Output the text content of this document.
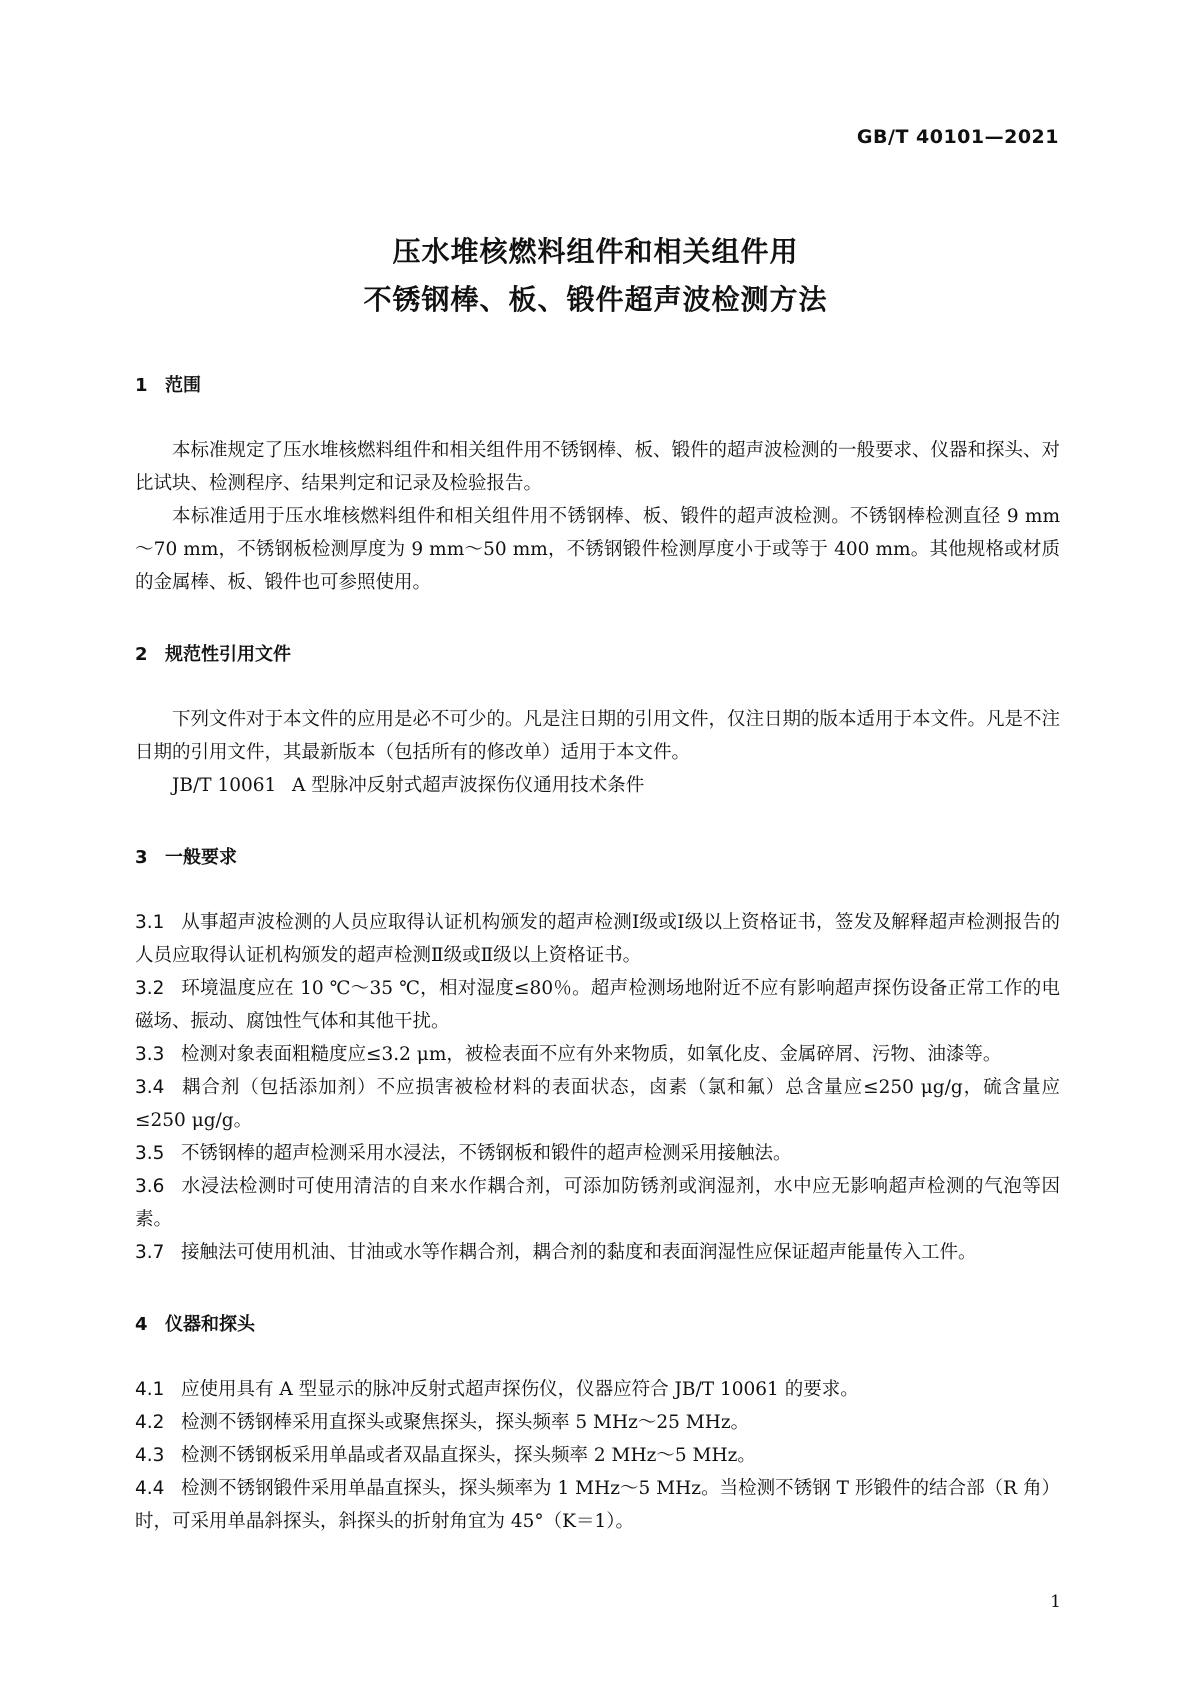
GB/T 40101—2021
压水堆核燃料组件和相关组件用
不锈钢棒、板、锻件超声波检测方法
1 范围

本标准规定了压水堆核燃料组件和相关组件用不锈钢棒、板、锻件的超声波检测的一般要求、仪器和探头、对比试块、检测程序、结果判定和记录及检验报告。

本标准适用于压水堆核燃料组件和相关组件用不锈钢棒、板、锻件的超声波检测。不锈钢棒检测直径 9 mm～70 mm，不锈钢板检测厚度为 9 mm～50 mm，不锈钢锻件检测厚度小于或等于 400 mm。其他规格或材质的金属棒、板、锻件也可参照使用。

2 规范性引用文件

下列文件对于本文件的应用是必不可少的。凡是注日期的引用文件，仅注日期的版本适用于本文件。凡是不注日期的引用文件，其最新版本（包括所有的修改单）适用于本文件。

JB/T 10061 A 型脉冲反射式超声波探伤仪通用技术条件

3 一般要求

3.1 从事超声波检测的人员应取得认证机构颁发的超声检测Ⅰ级或Ⅰ级以上资格证书，签发及解释超声检测报告的人员应取得认证机构颁发的超声检测Ⅱ级或Ⅱ级以上资格证书。

3.2 环境温度应在 10 ℃～35 ℃，相对湿度≤80％。超声检测场地附近不应有影响超声探伤设备正常工作的电磁场、振动、腐蚀性气体和其他干扰。

3.3 检测对象表面粗糙度应≤3.2 μm，被检表面不应有外来物质，如氧化皮、金属碎屑、污物、油漆等。

3.4 耦合剂（包括添加剂）不应损害被检材料的表面状态，卤素（氯和氟）总含量应≤250 μg/g，硫含量应≤250 μg/g。

3.5 不锈钢棒的超声检测采用水浸法，不锈钢板和锻件的超声检测采用接触法。

3.6 水浸法检测时可使用清洁的自来水作耦合剂，可添加防锈剂或润湿剂，水中应无影响超声检测的气泡等因素。

3.7 接触法可使用机油、甘油或水等作耦合剂，耦合剂的黏度和表面润湿性应保证超声能量传入工件。

4 仪器和探头

4.1 应使用具有 A 型显示的脉冲反射式超声探伤仪，仪器应符合 JB/T 10061 的要求。

4.2 检测不锈钢棒采用直探头或聚焦探头，探头频率 5 MHz～25 MHz。

4.3 检测不锈钢板采用单晶或者双晶直探头，探头频率 2 MHz～5 MHz。

4.4 检测不锈钢锻件采用单晶直探头，探头频率为 1 MHz～5 MHz。当检测不锈钢 T 形锻件的结合部（R 角）时，可采用单晶斜探头，斜探头的折射角宜为 45°（K＝1）。

1
